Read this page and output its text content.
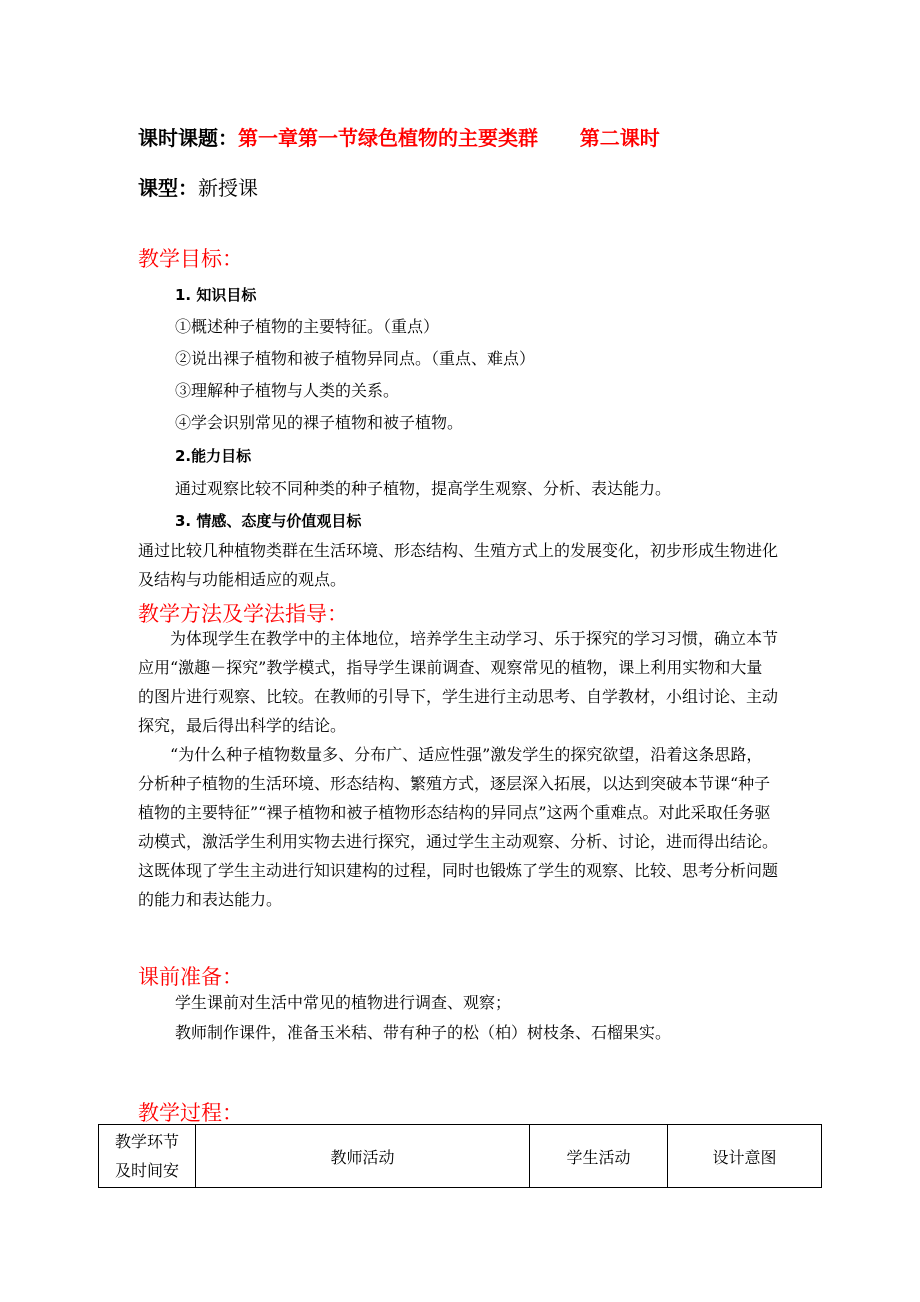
课时课题：第一章第一节绿色植物的主要类群      第二课时
课型：新授课
教学目标：
1. 知识目标
①概述种子植物的主要特征。（重点）
②说出裸子植物和被子植物异同点。（重点、难点）
③理解种子植物与人类的关系。
④学会识别常见的裸子植物和被子植物。
2.能力目标
通过观察比较不同种类的种子植物，提高学生观察、分析、表达能力。
3. 情感、态度与价值观目标
通过比较几种植物类群在生活环境、形态结构、生殖方式上的发展变化，初步形成生物进化及结构与功能相适应的观点。
教学方法及学法指导：

为体现学生在教学中的主体地位，培养学生主动学习、乐于探究的学习习惯，确立本节应用“激趣－探究”教学模式，指导学生课前调查、观察常见的植物，课上利用实物和大量的图片进行观察、比较。在教师的引导下，学生进行主动思考、自学教材，小组讨论、主动探究，最后得出科学的结论。

“为什么种子植物数量多、分布广、适应性强”激发学生的探究欲望，沿着这条思路，分析种子植物的生活环境、形态结构、繁殖方式，逐层深入拓展，以达到突破本节课“种子植物的主要特征”“裸子植物和被子植物形态结构的异同点”这两个重难点。对此采取任务驱动模式，激活学生利用实物去进行探究，通过学生主动观察、分析、讨论，进而得出结论。这既体现了学生主动进行知识建构的过程，同时也锻炼了学生的观察、比较、思考分析问题的能力和表达能力。

课前准备：
学生课前对生活中常见的植物进行调查、观察；
教师制作课件，准备玉米秸、带有种子的松（柏）树枝条、石榴果实。
教学过程：
教学环节
及时间安
	教师活动	学生活动	设计意图
